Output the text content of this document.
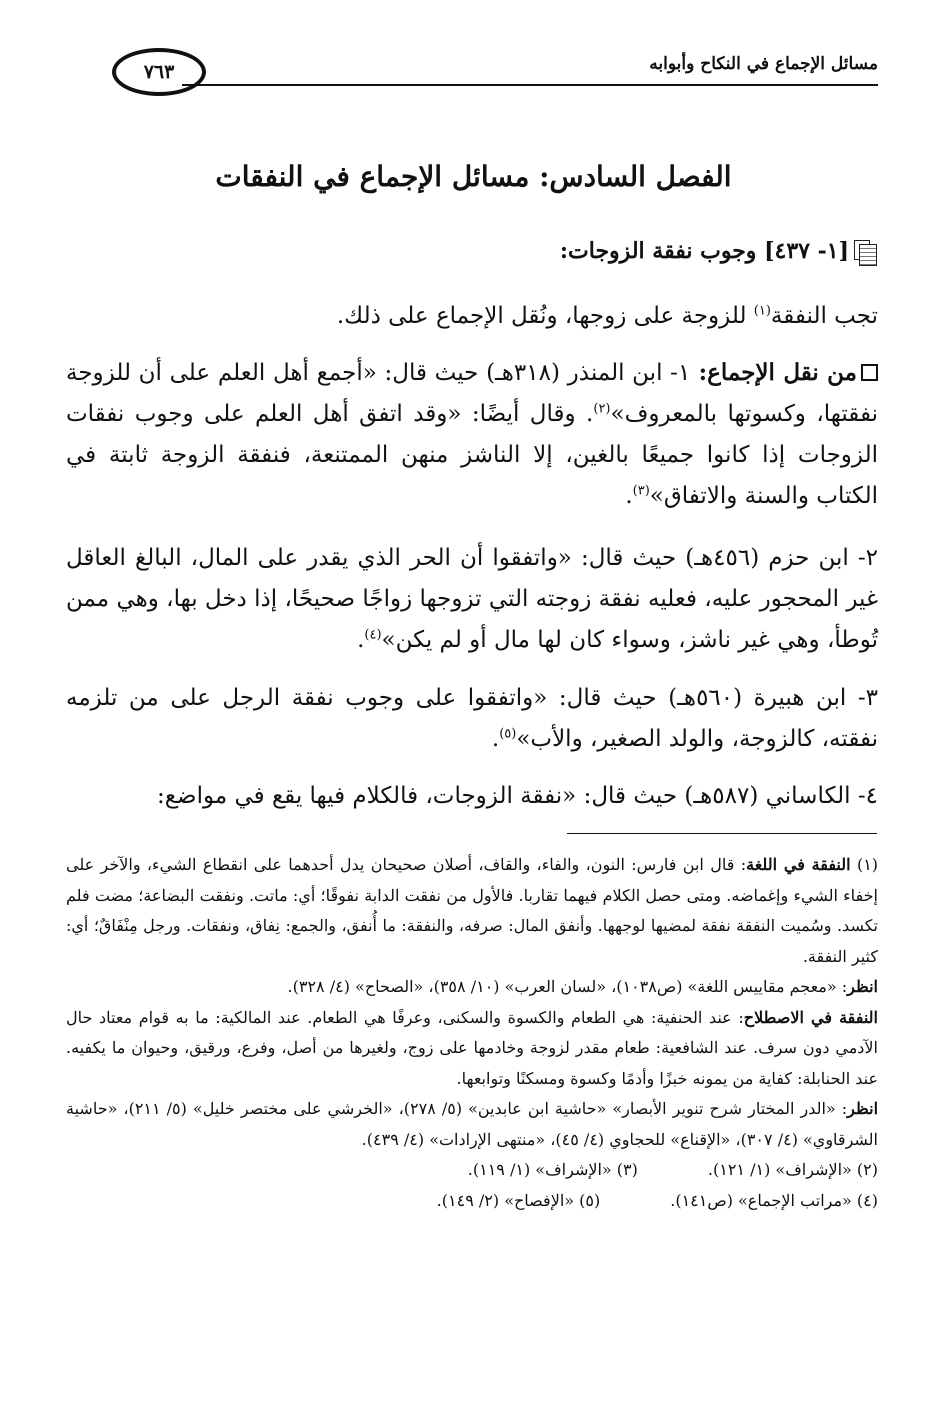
مسائل الإجماع في النكاح وأبوابه
٧٦٣
الفصل السادس: مسائل الإجماع في النفقات
[١- ٤٣٧] وجوب نفقة الزوجات:
تجب النفقة$^{(١)}$ للزوجة على زوجها، ونُقل الإجماع على ذلك.
من نقل الإجماع: ١- ابن المنذر (٣١٨هـ) حيث قال: «أجمع أهل العلم على أن للزوجة نفقتها، وكسوتها بالمعروف»$^{(٢)}$. وقال أيضًا: «وقد اتفق أهل العلم على وجوب نفقات الزوجات إذا كانوا جميعًا بالغين، إلا الناشز منهن الممتنعة، فنفقة الزوجة ثابتة في الكتاب والسنة والاتفاق»$^{(٣)}$.
٢- ابن حزم (٤٥٦هـ) حيث قال: «واتفقوا أن الحر الذي يقدر على المال، البالغ العاقل غير المحجور عليه، فعليه نفقة زوجته التي تزوجها زواجًا صحيحًا، إذا دخل بها، وهي ممن تُوطأ، وهي غير ناشز، وسواء كان لها مال أو لم يكن»$^{(٤)}$.
٣- ابن هبيرة (٥٦٠هـ) حيث قال: «واتفقوا على وجوب نفقة الرجل على من تلزمه نفقته، كالزوجة، والولد الصغير، والأب»$^{(٥)}$.
٤- الكاساني (٥٨٧هـ) حيث قال: «نفقة الزوجات، فالكلام فيها يقع في مواضع:

(١) النفقة في اللغة: قال ابن فارس: النون، والفاء، والقاف، أصلان صحيحان يدل أحدهما على انقطاع الشيء، والآخر على إخفاء الشيء وإغماضه. ومتى حصل الكلام فيهما تقاربا. فالأول من نفقت الدابة نفوقًا؛ أي: ماتت. ونفقت البضاعة؛ مضت فلم تكسد. وسُميت النفقة نفقة لمضيها لوجهها. وأنفق المال: صرفه، والنفقة: ما أُنفق، والجمع: نِفاق، ونفقات. ورجل مِنْفَاقٌ؛ أي: كثير النفقة.

انظر: «معجم مقاييس اللغة» (ص١٠٣٨)، «لسان العرب» (١٠/ ٣٥٨)، «الصحاح» (٤/ ٣٢٨).

النفقة في الاصطلاح: عند الحنفية: هي الطعام والكسوة والسكنى، وعرفًا هي الطعام. عند المالكية: ما به قوام معتاد حال الآدمي دون سرف. عند الشافعية: طعام مقدر لزوجة وخادمها على زوج، ولغيرها من أصل، وفرع، ورقيق، وحيوان ما يكفيه. عند الحنابلة: كفاية من يمونه خبزًا وأدمًا وكسوة ومسكنًا وتوابعها.

انظر: «الدر المختار شرح تنوير الأبصار» «حاشية ابن عابدين» (٥/ ٢٧٨)، «الخرشي على مختصر خليل» (٥/ ٢١١)، «حاشية الشرقاوي» (٤/ ٣٠٧)، «الإقناع» للحجاوي (٤/ ٤٥)، «منتهى الإرادات» (٤/ ٤٣٩).

(٢) «الإشراف» (١/ ١٢١).
(٣) «الإشراف» (١/ ١١٩).

(٤) «مراتب الإجماع» (ص١٤١).
(٥) «الإفصاح» (٢/ ١٤٩).
